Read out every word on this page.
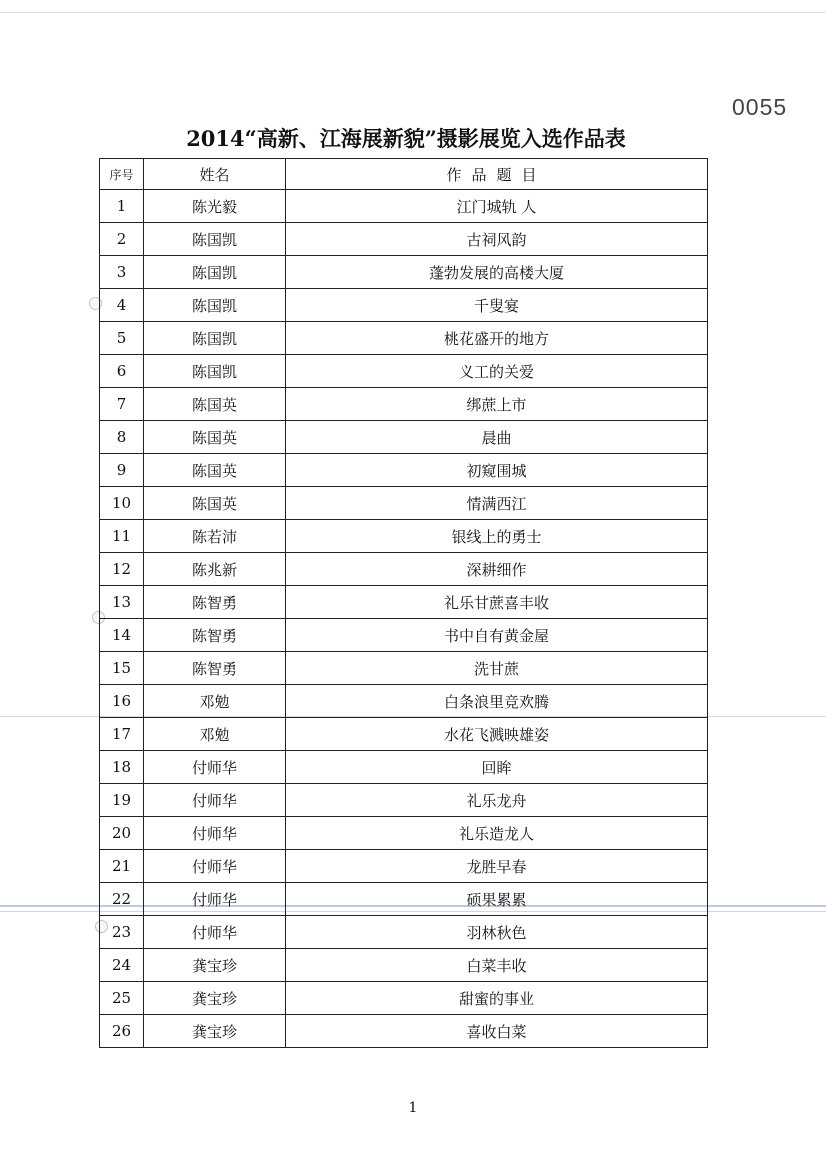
0055
2014“高新、江海展新貌”摄影展览入选作品表
序号	姓名	作品题目
1	陈光毅	江门城轨 人
2	陈国凯	古祠风韵
3	陈国凯	蓬勃发展的高楼大厦
4	陈国凯	千叟宴
5	陈国凯	桃花盛开的地方
6	陈国凯	义工的关爱
7	陈国英	绑蔗上市
8	陈国英	晨曲
9	陈国英	初窥围城
10	陈国英	情满西江
11	陈若沛	银线上的勇士
12	陈兆新	深耕细作
13	陈智勇	礼乐甘蔗喜丰收
14	陈智勇	书中自有黄金屋
15	陈智勇	洗甘蔗
16	邓勉	白条浪里竞欢腾
17	邓勉	水花飞溅映雄姿
18	付师华	回眸
19	付师华	礼乐龙舟
20	付师华	礼乐造龙人
21	付师华	龙胜早春
22	付师华	硕果累累
23	付师华	羽林秋色
24	龚宝珍	白菜丰收
25	龚宝珍	甜蜜的事业
26	龚宝珍	喜收白菜
1
